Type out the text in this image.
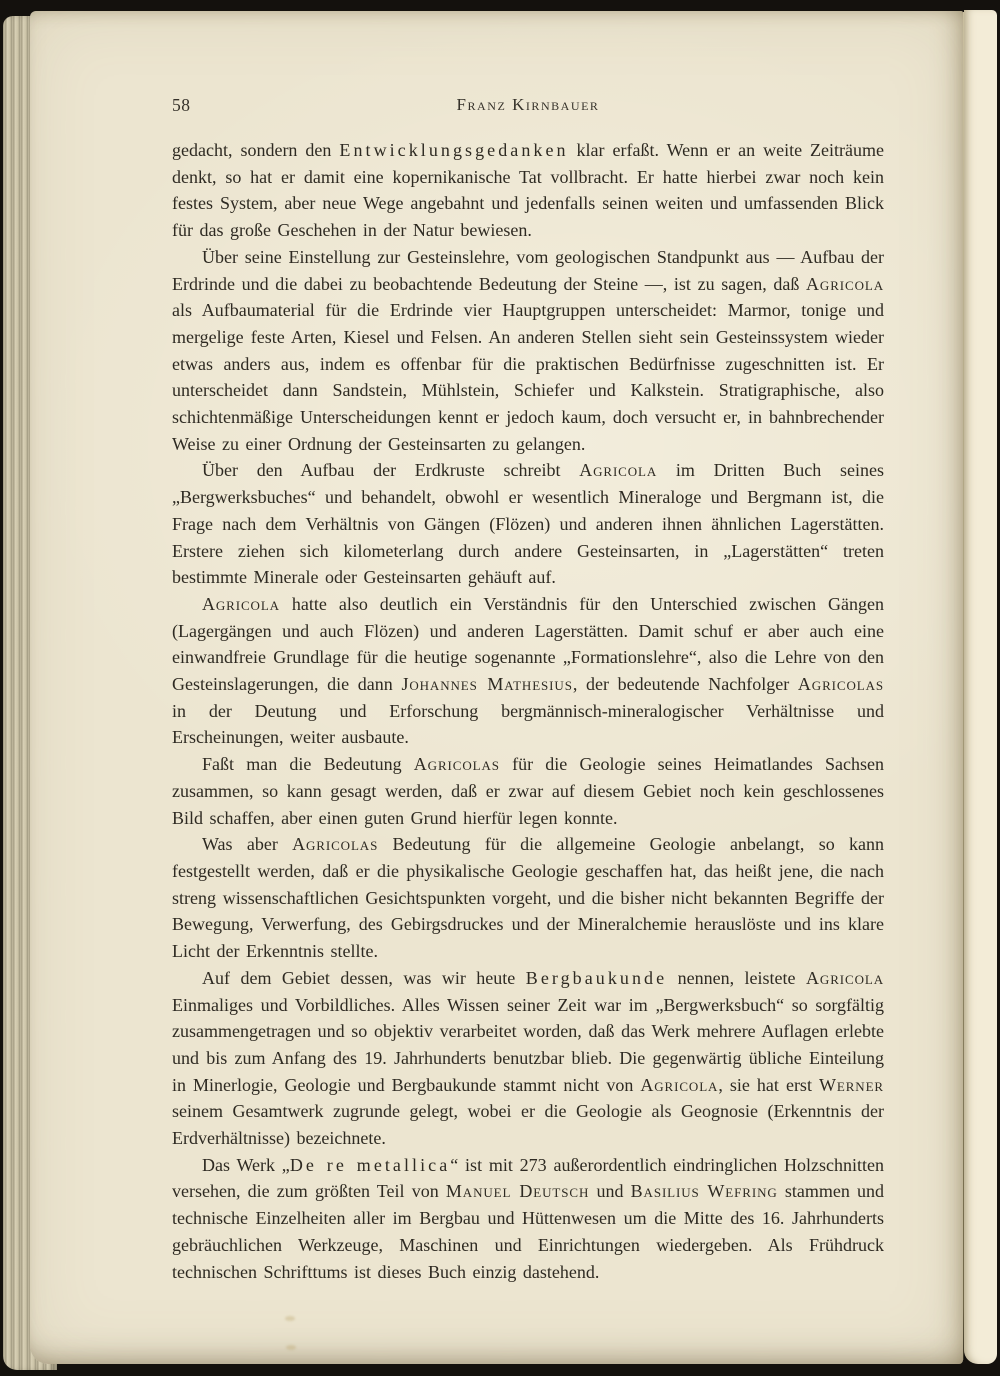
58	Franz Kirnbauer

gedacht, sondern den Entwicklungsgedanken klar erfaßt. Wenn er an weite Zeiträume denkt, so hat er damit eine kopernikanische Tat vollbracht. Er hatte hierbei zwar noch kein festes System, aber neue Wege angebahnt und jedenfalls seinen weiten und umfassenden Blick für das große Geschehen in der Natur bewiesen.

Über seine Einstellung zur Gesteinslehre, vom geologischen Standpunkt aus — Aufbau der Erdrinde und die dabei zu beobachtende Bedeutung der Steine —, ist zu sagen, daß Agricola als Aufbaumaterial für die Erdrinde vier Hauptgruppen unterscheidet: Marmor, tonige und mergelige feste Arten, Kiesel und Felsen. An anderen Stellen sieht sein Gesteinssystem wieder etwas anders aus, indem es offenbar für die praktischen Bedürfnisse zugeschnitten ist. Er unterscheidet dann Sandstein, Mühlstein, Schiefer und Kalkstein. Stratigraphische, also schichtenmäßige Unterscheidungen kennt er jedoch kaum, doch versucht er, in bahnbrechender Weise zu einer Ordnung der Gesteinsarten zu gelangen.

Über den Aufbau der Erdkruste schreibt Agricola im Dritten Buch seines „Bergwerksbuches“ und behandelt, obwohl er wesentlich Mineraloge und Bergmann ist, die Frage nach dem Verhältnis von Gängen (Flözen) und anderen ihnen ähnlichen Lagerstätten. Erstere ziehen sich kilometerlang durch andere Gesteinsarten, in „Lagerstätten“ treten bestimmte Minerale oder Gesteinsarten gehäuft auf.

Agricola hatte also deutlich ein Verständnis für den Unterschied zwischen Gängen (Lagergängen und auch Flözen) und anderen Lagerstätten. Damit schuf er aber auch eine einwandfreie Grundlage für die heutige sogenannte „Formationslehre“, also die Lehre von den Gesteinslagerungen, die dann Johannes Mathesius, der bedeutende Nachfolger Agricolas in der Deutung und Erforschung bergmännisch-mineralogischer Verhältnisse und Erscheinungen, weiter ausbaute.

Faßt man die Bedeutung Agricolas für die Geologie seines Heimatlandes Sachsen zusammen, so kann gesagt werden, daß er zwar auf diesem Gebiet noch kein geschlossenes Bild schaffen, aber einen guten Grund hierfür legen konnte.

Was aber Agricolas Bedeutung für die allgemeine Geologie anbelangt, so kann festgestellt werden, daß er die physikalische Geologie geschaffen hat, das heißt jene, die nach streng wissenschaftlichen Gesichtspunkten vorgeht, und die bisher nicht bekannten Begriffe der Bewegung, Verwerfung, des Gebirgsdruckes und der Mineralchemie herauslöste und ins klare Licht der Erkenntnis stellte.

Auf dem Gebiet dessen, was wir heute Bergbaukunde nennen, leistete Agricola Einmaliges und Vorbildliches. Alles Wissen seiner Zeit war im „Bergwerksbuch“ so sorgfältig zusammengetragen und so objektiv verarbeitet worden, daß das Werk mehrere Auflagen erlebte und bis zum Anfang des 19. Jahrhunderts benutzbar blieb. Die gegenwärtig übliche Einteilung in Minerlogie, Geologie und Bergbaukunde stammt nicht von Agricola, sie hat erst Werner seinem Gesamtwerk zugrunde gelegt, wobei er die Geologie als Geognosie (Erkenntnis der Erdverhältnisse) bezeichnete.

Das Werk „De re metallica“ ist mit 273 außerordentlich eindringlichen Holzschnitten versehen, die zum größten Teil von Manuel Deutsch und Basilius Wefring stammen und technische Einzelheiten aller im Bergbau und Hüttenwesen um die Mitte des 16. Jahrhunderts gebräuchlichen Werkzeuge, Maschinen und Einrichtungen wiedergeben. Als Frühdruck technischen Schrifttums ist dieses Buch einzig dastehend.
